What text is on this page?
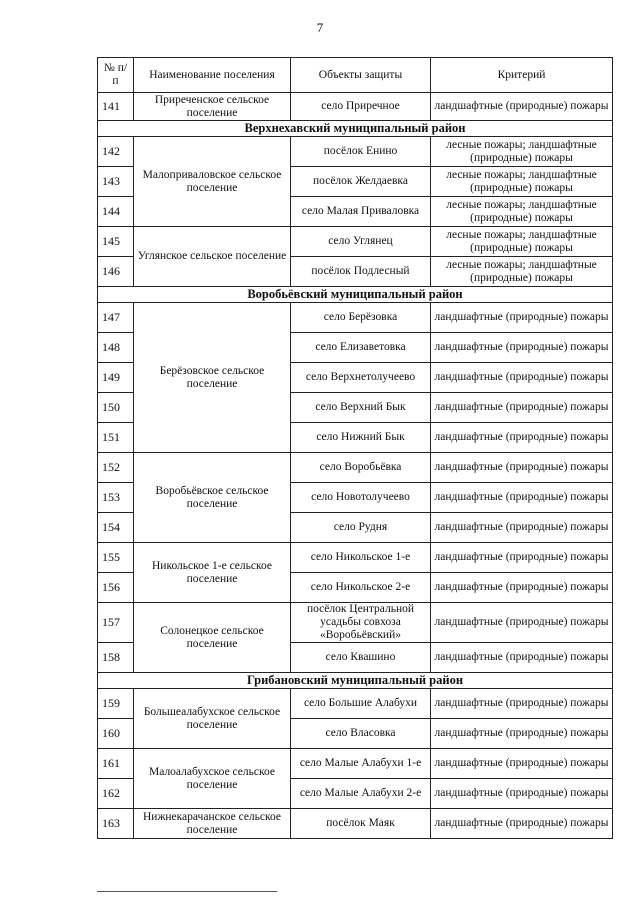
7
№ п/п	Наименование поселения	Объекты защиты	Критерий
141	Приреченское сельское поселение	село Приречное	ландшафтные (природные) пожары
Верхнехавский муниципальный район			
142	Малоприваловское сельское поселение	посёлок Енино	лесные пожары; ландшафтные (природные) пожары
143		посёлок Желдаевка	лесные пожары; ландшафтные (природные) пожары
144		село Малая Приваловка	лесные пожары; ландшафтные (природные) пожары
145	Углянское сельское поселение	село Углянец	лесные пожары; ландшафтные (природные) пожары
146		посёлок Подлесный	лесные пожары; ландшафтные (природные) пожары
Воробьёвский муниципальный район			
147	Берёзовское сельское поселение	село Берёзовка	ландшафтные (природные) пожары
148		село Елизаветовка	ландшафтные (природные) пожары
149		село Верхнетолучеево	ландшафтные (природные) пожары
150		село Верхний Бык	ландшафтные (природные) пожары
151		село Нижний Бык	ландшафтные (природные) пожары
152	Воробьёвское сельское поселение	село Воробьёвка	ландшафтные (природные) пожары
153		село Новотолучеево	ландшафтные (природные) пожары
154		село Рудня	ландшафтные (природные) пожары
155	Никольское 1-е сельское поселение	село Никольское 1-е	ландшафтные (природные) пожары
156		село Никольское 2-е	ландшафтные (природные) пожары
157	Солонецкое сельское поселение	посёлок Центральной усадьбы совхоза «Воробьёвский»	ландшафтные (природные) пожары
158		село Квашино	ландшафтные (природные) пожары
Грибановский муниципальный район			
159	Большеалабухское сельское поселение	село Большие Алабухи	ландшафтные (природные) пожары
160		село Власовка	ландшафтные (природные) пожары
161	Малоалабухское сельское поселение	село Малые Алабухи 1-е	ландшафтные (природные) пожары
162		село Малые Алабухи 2-е	ландшафтные (природные) пожары
163	Нижнекарачанское сельское поселение	посёлок Маяк	ландшафтные (природные) пожары
